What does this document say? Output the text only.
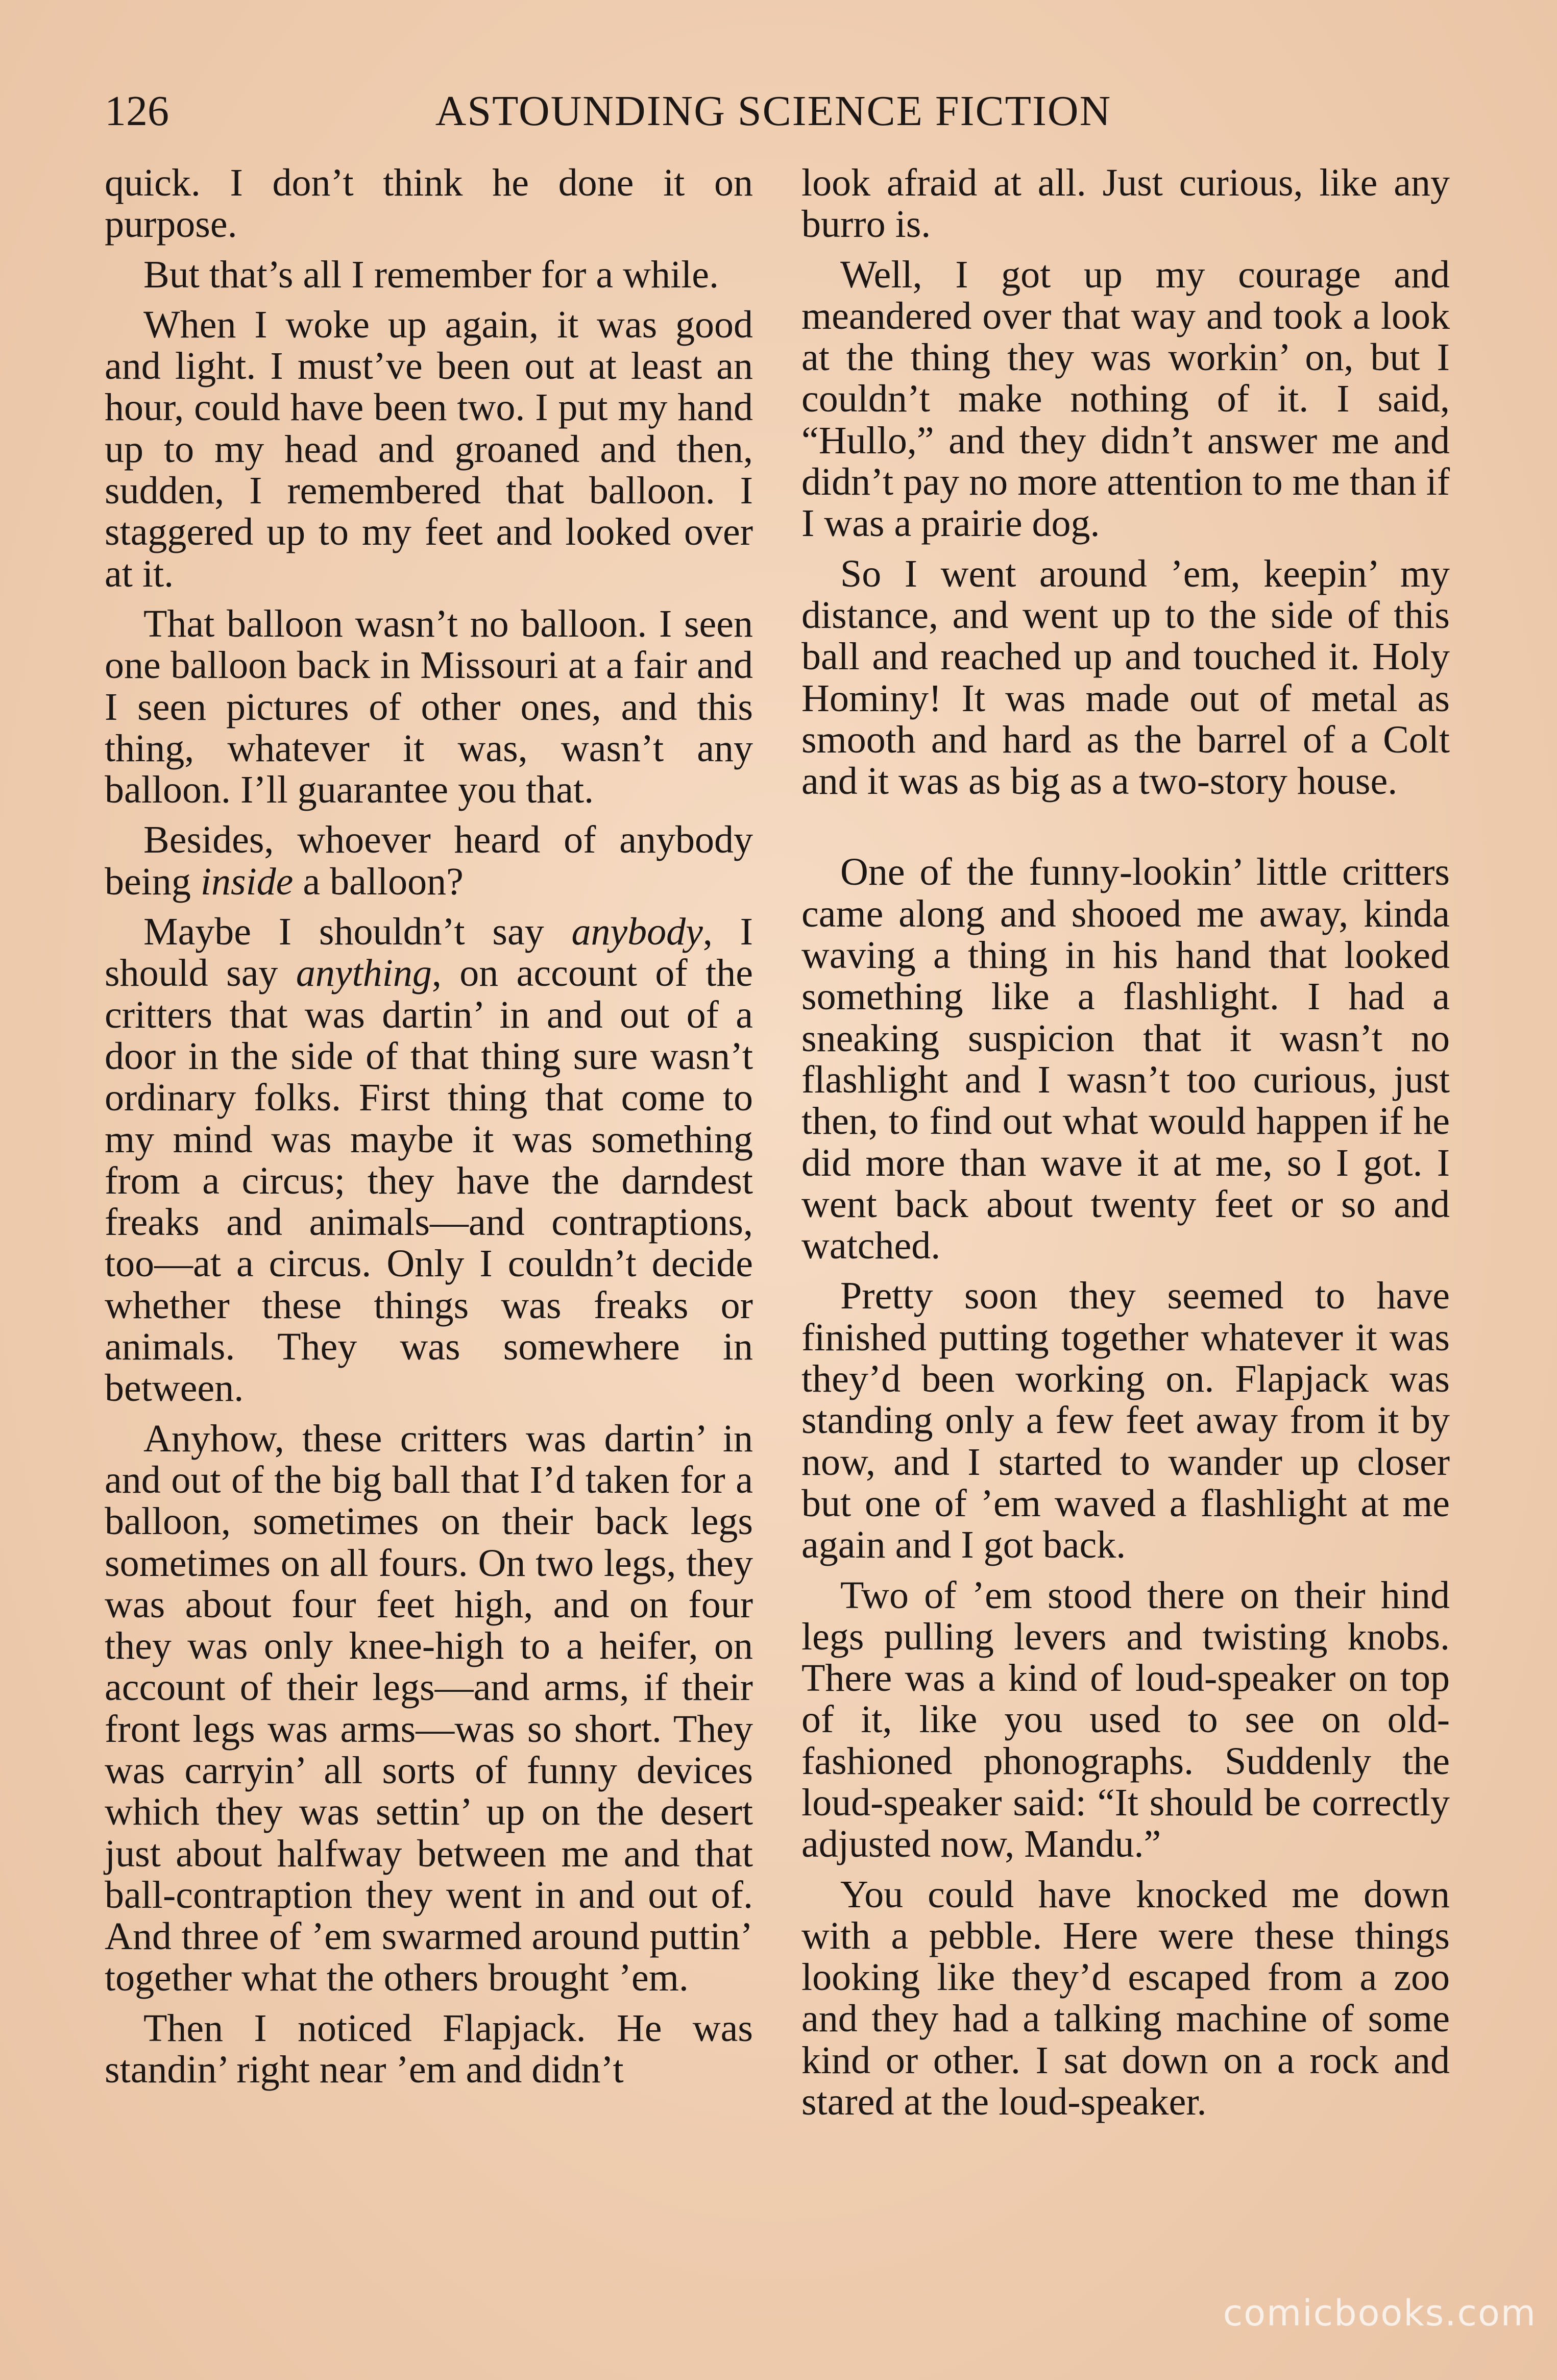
126	ASTOUNDING SCIENCE FICTION

quick. I don’t think he done it on purpose.

But that’s all I remember for a while.

When I woke up again, it was good and light. I must’ve been out at least an hour, could have been two. I put my hand up to my head and groaned and then, sudden, I remembered that balloon. I staggered up to my feet and looked over at it.

That balloon wasn’t no balloon. I seen one balloon back in Missouri at a fair and I seen pictures of other ones, and this thing, whatever it was, wasn’t any balloon. I’ll guarantee you that.

Besides, whoever heard of anybody being inside a balloon?

Maybe I shouldn’t say anybody, I should say anything, on account of the critters that was dartin’ in and out of a door in the side of that thing sure wasn’t ordinary folks. First thing that come to my mind was maybe it was something from a circus; they have the darndest freaks and animals—and contraptions, too—at a circus. Only I couldn’t decide whether these things was freaks or animals. They was somewhere in between.

Anyhow, these critters was dartin’ in and out of the big ball that I’d taken for a balloon, sometimes on their back legs sometimes on all fours. On two legs, they was about four feet high, and on four they was only knee-high to a heifer, on account of their legs—and arms, if their front legs was arms—was so short. They was carryin’ all sorts of funny devices which they was settin’ up on the desert just about halfway between me and that ball-contraption they went in and out of. And three of ’em swarmed around puttin’ together what the others brought ’em.

Then I noticed Flapjack. He was standin’ right near ’em and didn’t

look afraid at all. Just curious, like any burro is.

Well, I got up my courage and meandered over that way and took a look at the thing they was workin’ on, but I couldn’t make nothing of it. I said, “Hullo,” and they didn’t answer me and didn’t pay no more attention to me than if I was a prairie dog.

So I went around ’em, keepin’ my distance, and went up to the side of this ball and reached up and touched it. Holy Hominy! It was made out of metal as smooth and hard as the barrel of a Colt and it was as big as a two-story house.

One of the funny-lookin’ little critters came along and shooed me away, kinda waving a thing in his hand that looked something like a flashlight. I had a sneaking suspicion that it wasn’t no flashlight and I wasn’t too curious, just then, to find out what would happen if he did more than wave it at me, so I got. I went back about twenty feet or so and watched.

Pretty soon they seemed to have finished putting together whatever it was they’d been working on. Flapjack was standing only a few feet away from it by now, and I started to wander up closer but one of ’em waved a flashlight at me again and I got back.

Two of ’em stood there on their hind legs pulling levers and twisting knobs. There was a kind of loud-speaker on top of it, like you used to see on old-fashioned phonographs. Suddenly the loud-speaker said: “It should be correctly adjusted now, Mandu.”

You could have knocked me down with a pebble. Here were these things looking like they’d escaped from a zoo and they had a talking machine of some kind or other. I sat down on a rock and stared at the loud-speaker.

comicbooks.com
